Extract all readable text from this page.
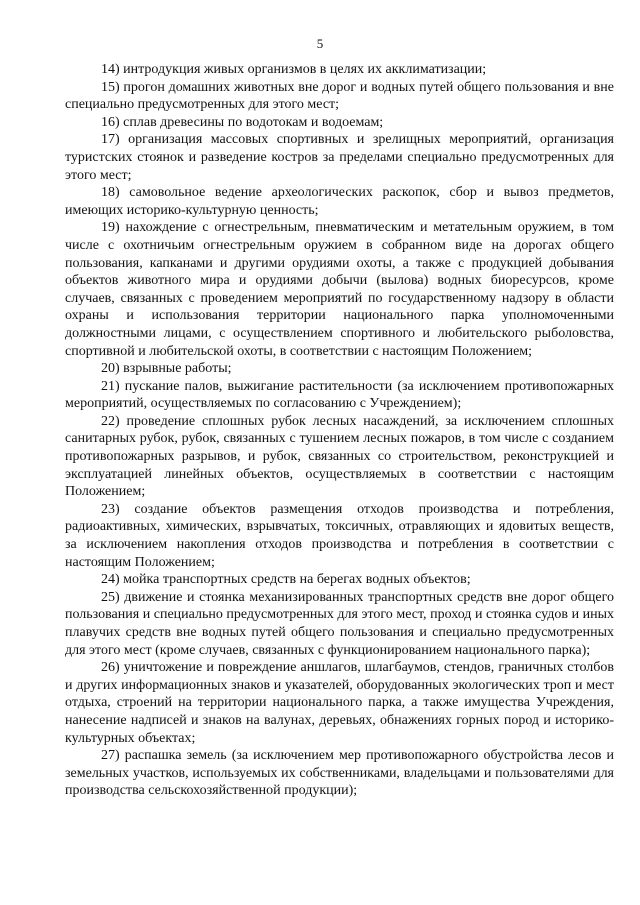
5

14) интродукция живых организмов в целях их акклиматизации;

15) прогон домашних животных вне дорог и водных путей общего пользования и вне специально предусмотренных для этого мест;

16) сплав древесины по водотокам и водоемам;

17) организация массовых спортивных и зрелищных мероприятий, организация туристских стоянок и разведение костров за пределами специально предусмотренных для этого мест;

18) самовольное ведение археологических раскопок, сбор и вывоз предметов, имеющих историко-культурную ценность;

19) нахождение с огнестрельным, пневматическим и метательным оружием, в том числе с охотничьим огнестрельным оружием в собранном виде на дорогах общего пользования, капканами и другими орудиями охоты, а также с продукцией добывания объектов животного мира и орудиями добычи (вылова) водных биоресурсов, кроме случаев, связанных с проведением мероприятий по государственному надзору в области охраны и использования территории национального парка уполномоченными должностными лицами, с осуществлением спортивного и любительского рыболовства, спортивной и любительской охоты, в соответствии с настоящим Положением;

20) взрывные работы;

21) пускание палов, выжигание растительности (за исключением противопожарных мероприятий, осуществляемых по согласованию с Учреждением);

22) проведение сплошных рубок лесных насаждений, за исключением сплошных санитарных рубок, рубок, связанных с тушением лесных пожаров, в том числе с созданием противопожарных разрывов, и рубок, связанных со строительством, реконструкцией и эксплуатацией линейных объектов, осуществляемых в соответствии с настоящим Положением;

23) создание объектов размещения отходов производства и потребления, радиоактивных, химических, взрывчатых, токсичных, отравляющих и ядовитых веществ, за исключением накопления отходов производства и потребления в соответствии с настоящим Положением;

24) мойка транспортных средств на берегах водных объектов;

25) движение и стоянка механизированных транспортных средств вне дорог общего пользования и специально предусмотренных для этого мест, проход и стоянка судов и иных плавучих средств вне водных путей общего пользования и специально предусмотренных для этого мест (кроме случаев, связанных с функционированием национального парка);

26) уничтожение и повреждение аншлагов, шлагбаумов, стендов, граничных столбов и других информационных знаков и указателей, оборудованных экологических троп и мест отдыха, строений на территории национального парка, а также имущества Учреждения, нанесение надписей и знаков на валунах, деревьях, обнажениях горных пород и историко-культурных объектах;

27) распашка земель (за исключением мер противопожарного обустройства лесов и земельных участков, используемых их собственниками, владельцами и пользователями для производства сельскохозяйственной продукции);
